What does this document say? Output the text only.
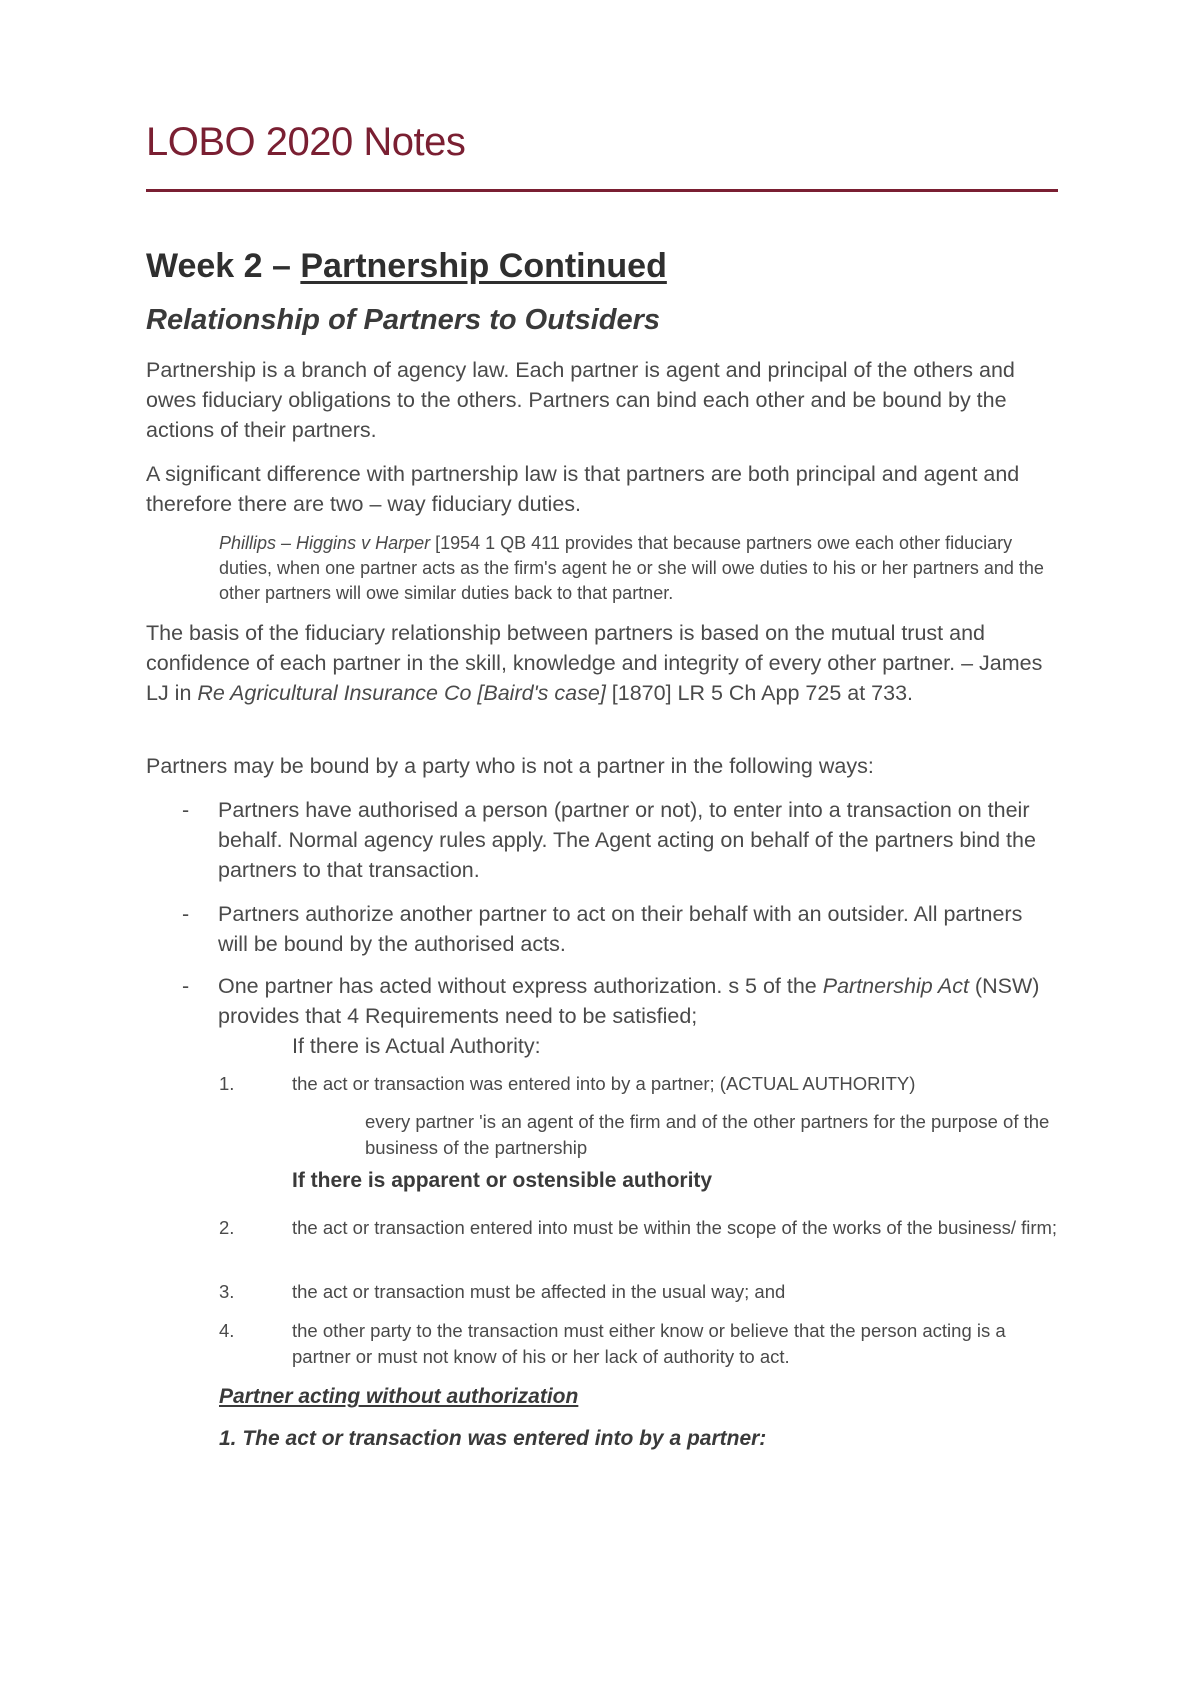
LOBO 2020 Notes
Week 2 – Partnership Continued
Relationship of Partners to Outsiders

Partnership is a branch of agency law. Each partner is agent and principal of the others and owes fiduciary obligations to the others. Partners can bind each other and be bound by the actions of their partners.

A significant difference with partnership law is that partners are both principal and agent and therefore there are two – way fiduciary duties.

Phillips – Higgins v Harper [1954 1 QB 411 provides that because partners owe each other fiduciary duties, when one partner acts as the firm's agent he or she will owe duties to his or her partners and the other partners will owe similar duties back to that partner.

The basis of the fiduciary relationship between partners is based on the mutual trust and confidence of each partner in the skill, knowledge and integrity of every other partner. – James LJ in Re Agricultural Insurance Co [Baird's case] [1870] LR 5 Ch App 725 at 733.

Partners may be bound by a party who is not a partner in the following ways:

- Partners have authorised a person (partner or not), to enter into a transaction on their behalf. Normal agency rules apply. The Agent acting on behalf of the partners bind the partners to that transaction.

- Partners authorize another partner to act on their behalf with an outsider. All partners will be bound by the authorised acts.

- One partner has acted without express authorization. s 5 of the Partnership Act (NSW) provides that 4 Requirements need to be satisfied;

If there is Actual Authority:
1.	the act or transaction was entered into by a partner; (ACTUAL AUTHORITY)

every partner 'is an agent of the firm and of the other partners for the purpose of the business of the partnership

If there is apparent or ostensible authority
2.	the act or transaction entered into must be within the scope of the works of the business/ firm;

3.	the act or transaction must be affected in the usual way; and

4.	the other party to the transaction must either know or believe that the person acting is a partner or must not know of his or her lack of authority to act.

Partner acting without authorization
1. The act or transaction was entered into by a partner:
